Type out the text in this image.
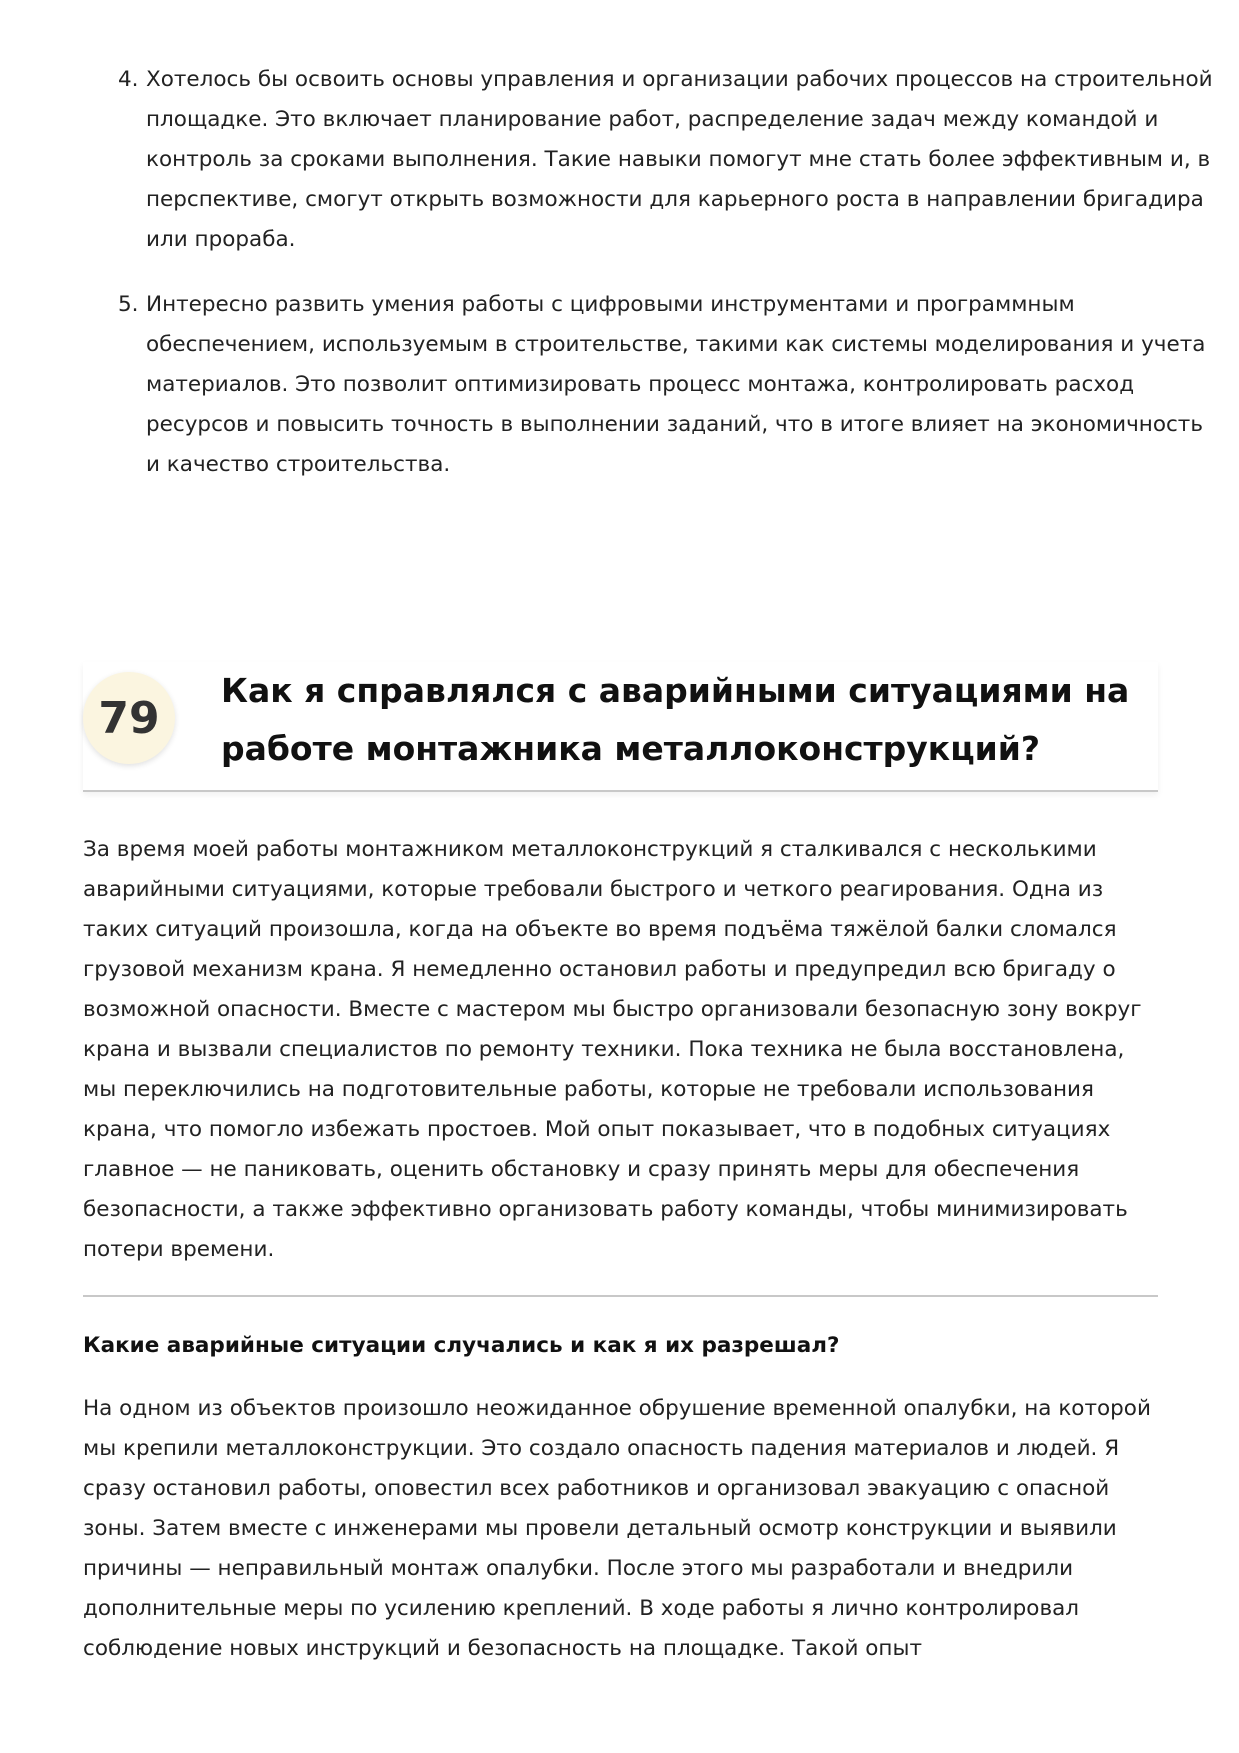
4. Хотелось бы освоить основы управления и организации рабочих процессов на строительной площадке. Это включает планирование работ, распределение задач между командой и контроль за сроками выполнения. Такие навыки помогут мне стать более эффективным и, в перспективе, смогут открыть возможности для карьерного роста в направлении бригадира или прораба.
5. Интересно развить умения работы с цифровыми инструментами и программным обеспечением, используемым в строительстве, такими как системы моделирования и учета материалов. Это позволит оптимизировать процесс монтажа, контролировать расход ресурсов и повысить точность в выполнении заданий, что в итоге влияет на экономичность и качество строительства.
79
Как я справлялся с аварийными ситуациями на работе монтажника металлоконструкций?

За время моей работы монтажником металлоконструкций я сталкивался с несколькими аварийными ситуациями, которые требовали быстрого и четкого реагирования. Одна из таких ситуаций произошла, когда на объекте во время подъёма тяжёлой балки сломался грузовой механизм крана. Я немедленно остановил работы и предупредил всю бригаду о возможной опасности. Вместе с мастером мы быстро организовали безопасную зону вокруг крана и вызвали специалистов по ремонту техники. Пока техника не была восстановлена, мы переключились на подготовительные работы, которые не требовали использования крана, что помогло избежать простоев. Мой опыт показывает, что в подобных ситуациях главное — не паниковать, оценить обстановку и сразу принять меры для обеспечения безопасности, а также эффективно организовать работу команды, чтобы минимизировать потери времени.

Какие аварийные ситуации случались и как я их разрешал?

На одном из объектов произошло неожиданное обрушение временной опалубки, на которой мы крепили металлоконструкции. Это создало опасность падения материалов и людей. Я сразу остановил работы, оповестил всех работников и организовал эвакуацию с опасной зоны. Затем вместе с инженерами мы провели детальный осмотр конструкции и выявили причины — неправильный монтаж опалубки. После этого мы разработали и внедрили дополнительные меры по усилению креплений. В ходе работы я лично контролировал соблюдение новых инструкций и безопасность на площадке. Такой опыт
